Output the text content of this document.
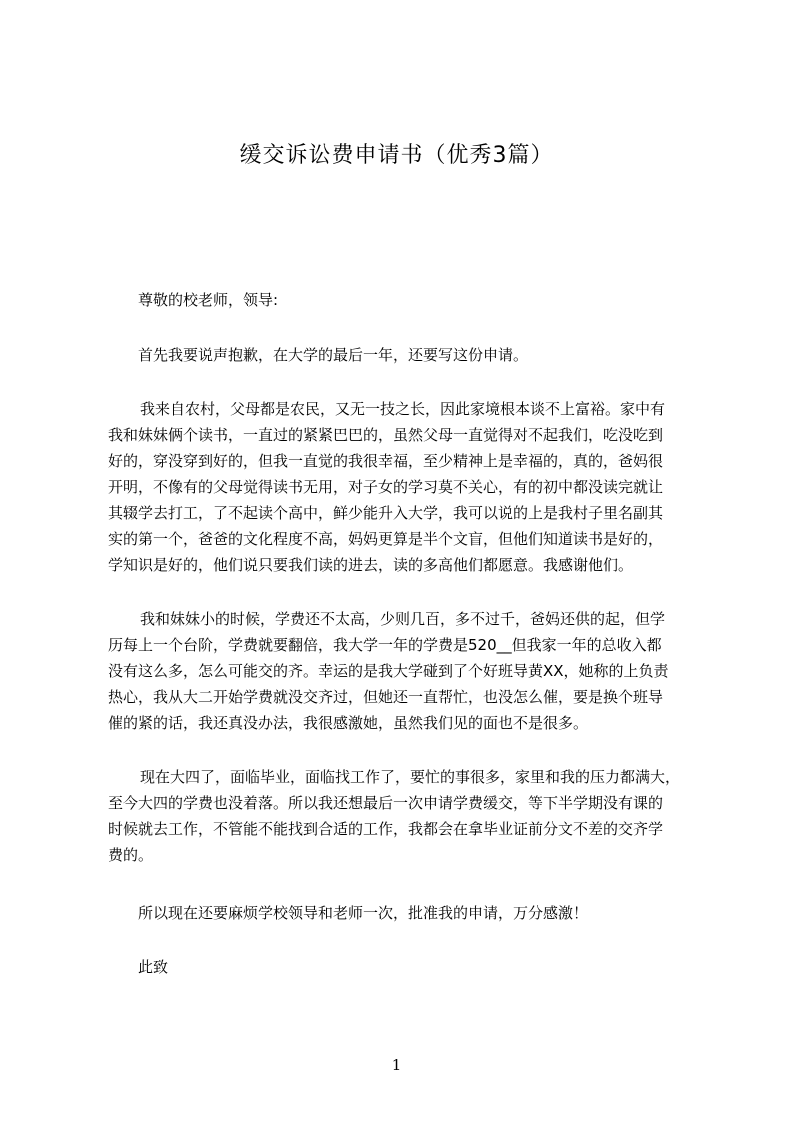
缓交诉讼费申请书（优秀3篇）
尊敬的校老师，领导:
首先我要说声抱歉，在大学的最后一年，还要写这份申请。
我来自农村，父母都是农民，又无一技之长，因此家境根本谈不上富裕。家中有
我和妹妹俩个读书，一直过的紧紧巴巴的，虽然父母一直觉得对不起我们，吃没吃到
好的，穿没穿到好的，但我一直觉的我很幸福，至少精神上是幸福的，真的，爸妈很
开明，不像有的父母觉得读书无用，对子女的学习莫不关心，有的初中都没读完就让
其辍学去打工，了不起读个高中，鲜少能升入大学，我可以说的上是我村子里名副其
实的第一个，爸爸的文化程度不高，妈妈更算是半个文盲，但他们知道读书是好的，
学知识是好的，他们说只要我们读的进去，读的多高他们都愿意。我感谢他们。
我和妹妹小的时候，学费还不太高，少则几百，多不过千，爸妈还供的起，但学
历每上一个台阶，学费就要翻倍，我大学一年的学费是520__但我家一年的总收入都
没有这么多，怎么可能交的齐。幸运的是我大学碰到了个好班导黄XX，她称的上负责
热心，我从大二开始学费就没交齐过，但她还一直帮忙，也没怎么催，要是换个班导
催的紧的话，我还真没办法，我很感激她，虽然我们见的面也不是很多。
现在大四了，面临毕业，面临找工作了，要忙的事很多，家里和我的压力都满大，
至今大四的学费也没着落。所以我还想最后一次申请学费缓交，等下半学期没有课的
时候就去工作，不管能不能找到合适的工作，我都会在拿毕业证前分文不差的交齐学
费的。
所以现在还要麻烦学校领导和老师一次，批准我的申请，万分感激！
此致
1
